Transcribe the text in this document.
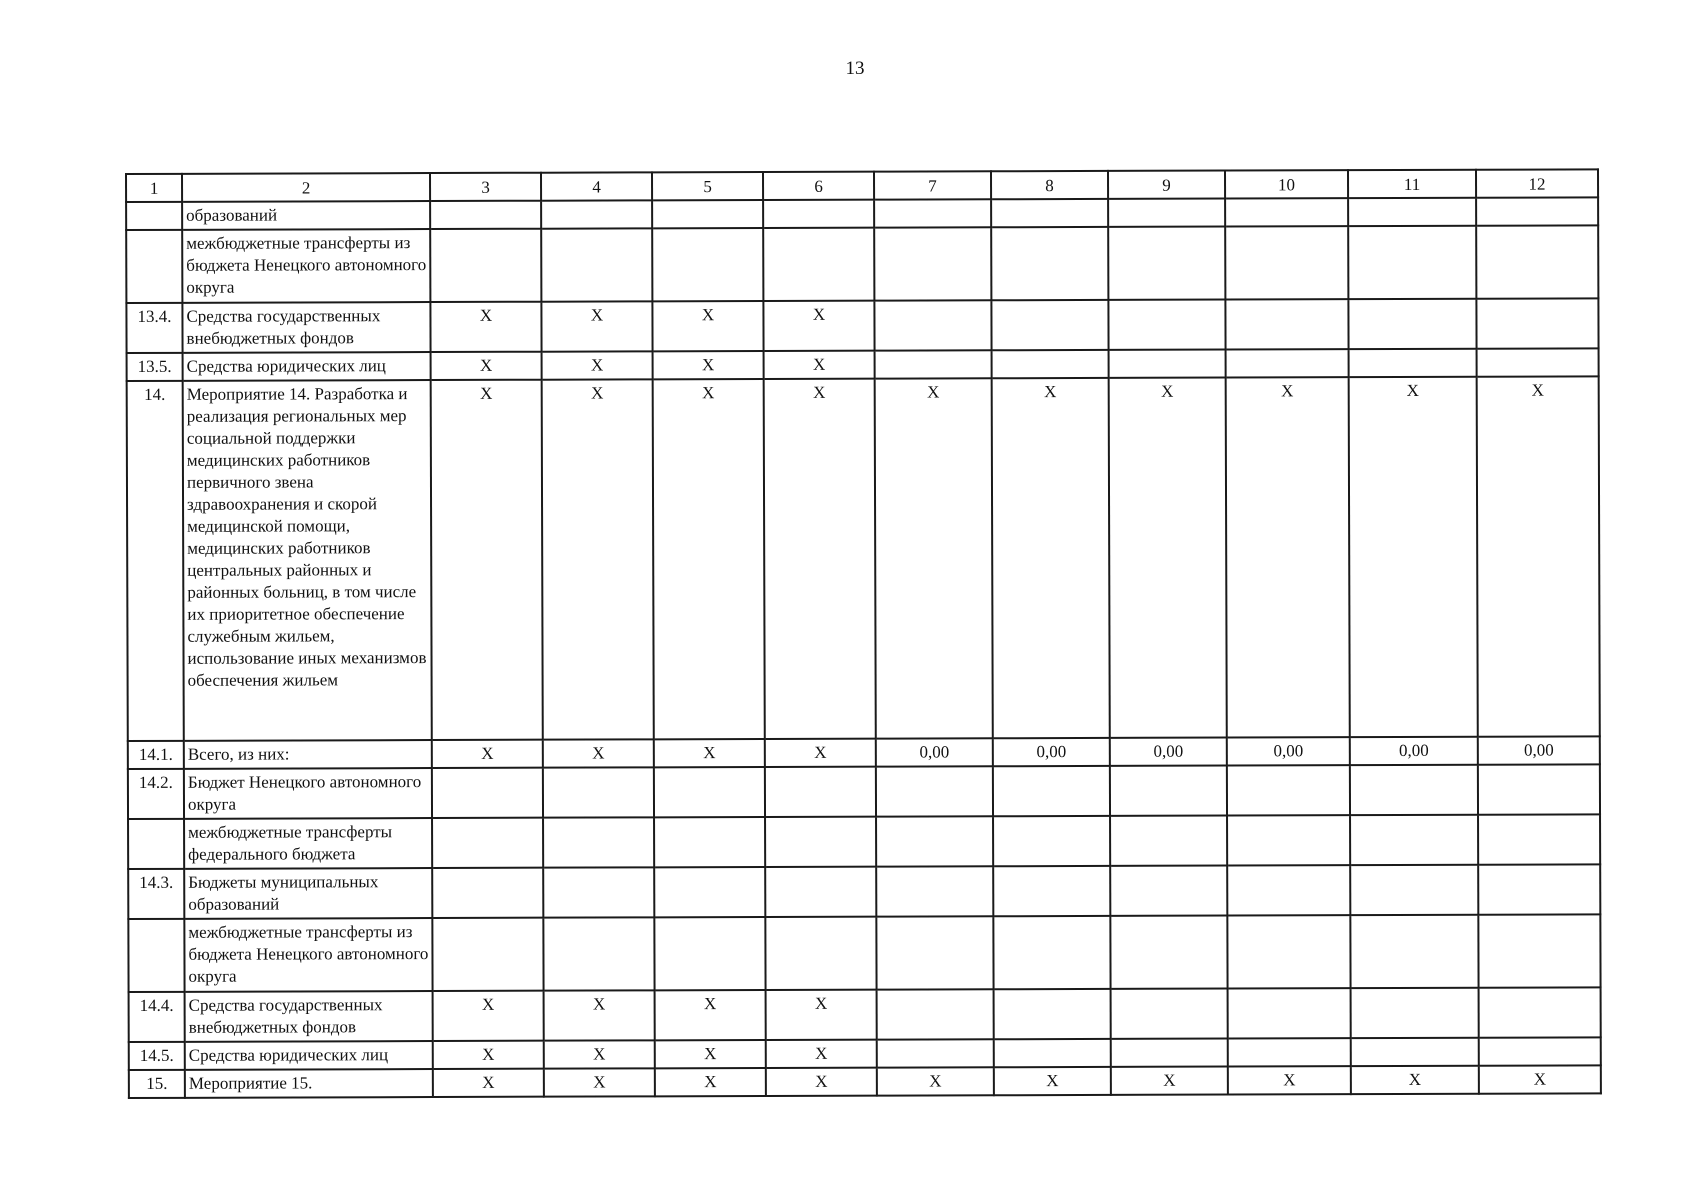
13
1	2	3	4	5	6	7	8	9	10	11	12
	образований										
	межбюджетные трансферты из бюджета Ненецкого автономного округа										
13.4.	Средства государственных внебюджетных фондов	X	X	X	X						
13.5.	Средства юридических лиц	X	X	X	X						
14.	Мероприятие 14. Разработка и реализация региональных мер социальной поддержки медицинских работников первичного звена здравоохранения и скорой медицинской помощи, медицинских работников центральных районных и районных больниц, в том числе их приоритетное обеспечение служебным жильем, использование иных механизмов обеспечения жильем	X	X	X	X	X	X	X	X	X	X
14.1.	Всего, из них:	X	X	X	X	0,00	0,00	0,00	0,00	0,00	0,00
14.2.	Бюджет Ненецкого автономного округа										
	межбюджетные трансферты федерального бюджета										
14.3.	Бюджеты муниципальных образований										
	межбюджетные трансферты из бюджета Ненецкого автономного округа										
14.4.	Средства государственных внебюджетных фондов	X	X	X	X						
14.5.	Средства юридических лиц	X	X	X	X						
15.	Мероприятие 15.	X	X	X	X	X	X	X	X	X	X
